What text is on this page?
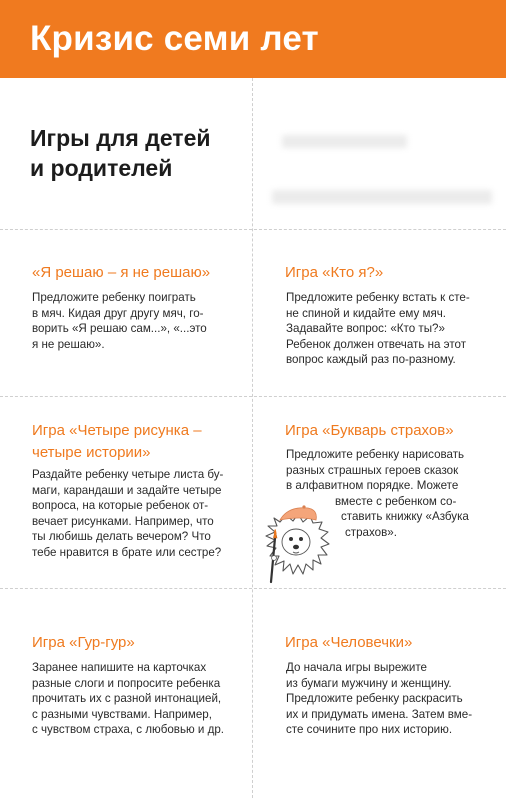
Кризис семи лет
Игры для детей
и родителей
«Я решаю – я не решаю»
Предложите ребенку поиграть
в мяч. Кидая друг другу мяч, го-
ворить «Я решаю сам...», «...это
я не решаю».
Игра «Кто я?»
Предложите ребенку встать к сте-
не спиной и кидайте ему мяч.
Задавайте вопрос: «Кто ты?»
Ребенок должен отвечать на этот
вопрос каждый раз по-разному.
Игра «Четыре рисунка –
четыре истории»
Раздайте ребенку четыре листа бу-
маги, карандаши и задайте четыре
вопроса, на которые ребенок от-
вечает рисунками. Например, что
ты любишь делать вечером? Что
тебе нравится в брате или сестре?
Игра «Букварь страхов»
Предложите ребенку нарисовать
разных страшных героев сказок
в алфавитном порядке. Можете
вместе с ребенком со-
ставить книжку «Азбука
страхов».
Игра «Гур-гур»
Заранее напишите на карточках
разные слоги и попросите ребенка
прочитать их с разной интонацией,
с разными чувствами. Например,
с чувством страха, с любовью и др.
Игра «Человечки»
До начала игры вырежите
из бумаги мужчину и женщину.
Предложите ребенку раскрасить
их и придумать имена. Затем вме-
сте сочините про них историю.
